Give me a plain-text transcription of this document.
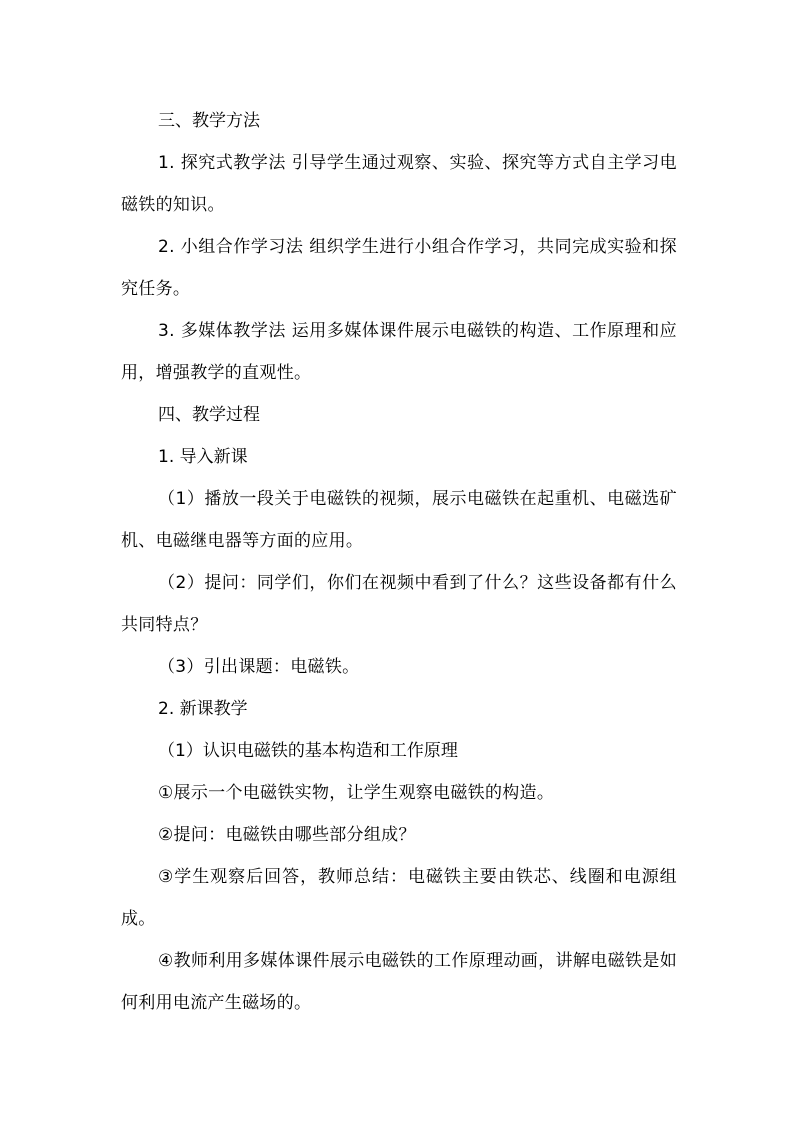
三、教学方法

1. 探究式教学法 引导学生通过观察、实验、探究等方式自主学习电磁铁的知识。

2. 小组合作学习法 组织学生进行小组合作学习，共同完成实验和探究任务。

3. 多媒体教学法 运用多媒体课件展示电磁铁的构造、工作原理和应用，增强教学的直观性。

四、教学过程

1. 导入新课

（1）播放一段关于电磁铁的视频，展示电磁铁在起重机、电磁选矿机、电磁继电器等方面的应用。

（2）提问：同学们，你们在视频中看到了什么？这些设备都有什么共同特点？

（3）引出课题：电磁铁。

2. 新课教学

（1）认识电磁铁的基本构造和工作原理

①展示一个电磁铁实物，让学生观察电磁铁的构造。

②提问：电磁铁由哪些部分组成？

③学生观察后回答，教师总结：电磁铁主要由铁芯、线圈和电源组成。

④教师利用多媒体课件展示电磁铁的工作原理动画，讲解电磁铁是如何利用电流产生磁场的。
